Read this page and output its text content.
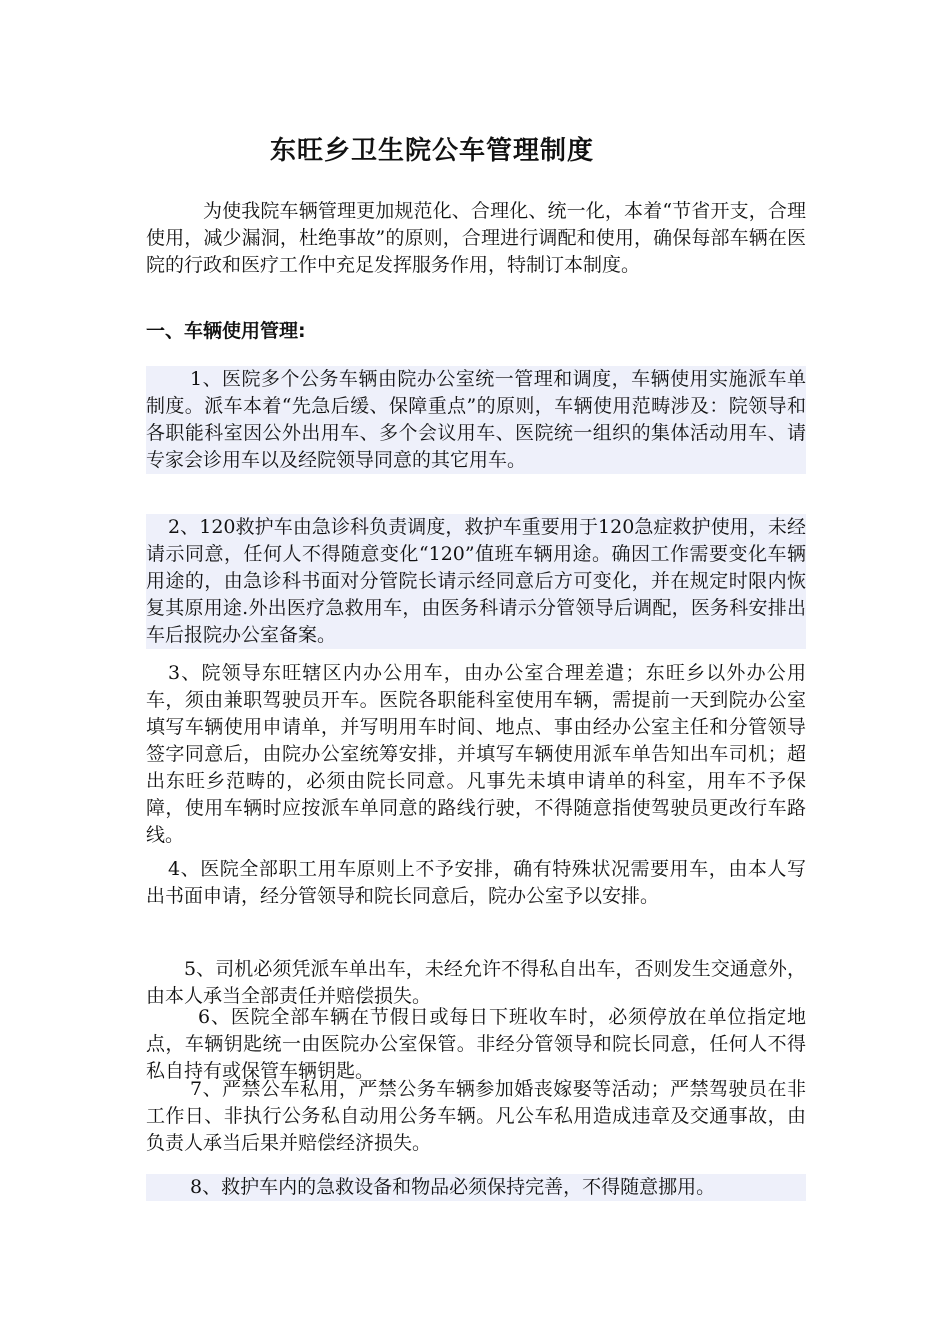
东旺乡卫生院公车管理制度

为使我院车辆管理更加规范化、合理化、统一化，本着“节省开支，合理使用，减少漏洞，杜绝事故”的原则，合理进行调配和使用，确保每部车辆在医院的行政和医疗工作中充足发挥服务作用，特制订本制度。

一、车辆使用管理:

1、医院多个公务车辆由院办公室统一管理和调度，车辆使用实施派车单制度。派车本着“先急后缓、保障重点”的原则，车辆使用范畴涉及：院领导和各职能科室因公外出用车、多个会议用车、医院统一组织的集体活动用车、请专家会诊用车以及经院领导同意的其它用车。

2、120救护车由急诊科负责调度，救护车重要用于120急症救护使用，未经请示同意，任何人不得随意变化“120”值班车辆用途。确因工作需要变化车辆用途的，由急诊科书面对分管院长请示经同意后方可变化，并在规定时限内恢复其原用途.外出医疗急救用车，由医务科请示分管领导后调配，医务科安排出车后报院办公室备案。

3、院领导东旺辖区内办公用车，由办公室合理差遣；东旺乡以外办公用车，须由兼职驾驶员开车。医院各职能科室使用车辆，需提前一天到院办公室填写车辆使用申请单，并写明用车时间、地点、事由经办公室主任和分管领导签字同意后，由院办公室统筹安排，并填写车辆使用派车单告知出车司机；超出东旺乡范畴的，必须由院长同意。凡事先未填申请单的科室，用车不予保障，使用车辆时应按派车单同意的路线行驶，不得随意指使驾驶员更改行车路线。

4、医院全部职工用车原则上不予安排，确有特殊状况需要用车，由本人写出书面申请，经分管领导和院长同意后，院办公室予以安排。

5、司机必须凭派车单出车，未经允许不得私自出车，否则发生交通意外，由本人承当全部责任并赔偿损失。

6、医院全部车辆在节假日或每日下班收车时，必须停放在单位指定地点，车辆钥匙统一由医院办公室保管。非经分管领导和院长同意，任何人不得私自持有或保管车辆钥匙。

7、严禁公车私用，严禁公务车辆参加婚丧嫁娶等活动；严禁驾驶员在非工作日、非执行公务私自动用公务车辆。凡公车私用造成违章及交通事故，由负责人承当后果并赔偿经济损失。

8、救护车内的急救设备和物品必须保持完善，不得随意挪用。
